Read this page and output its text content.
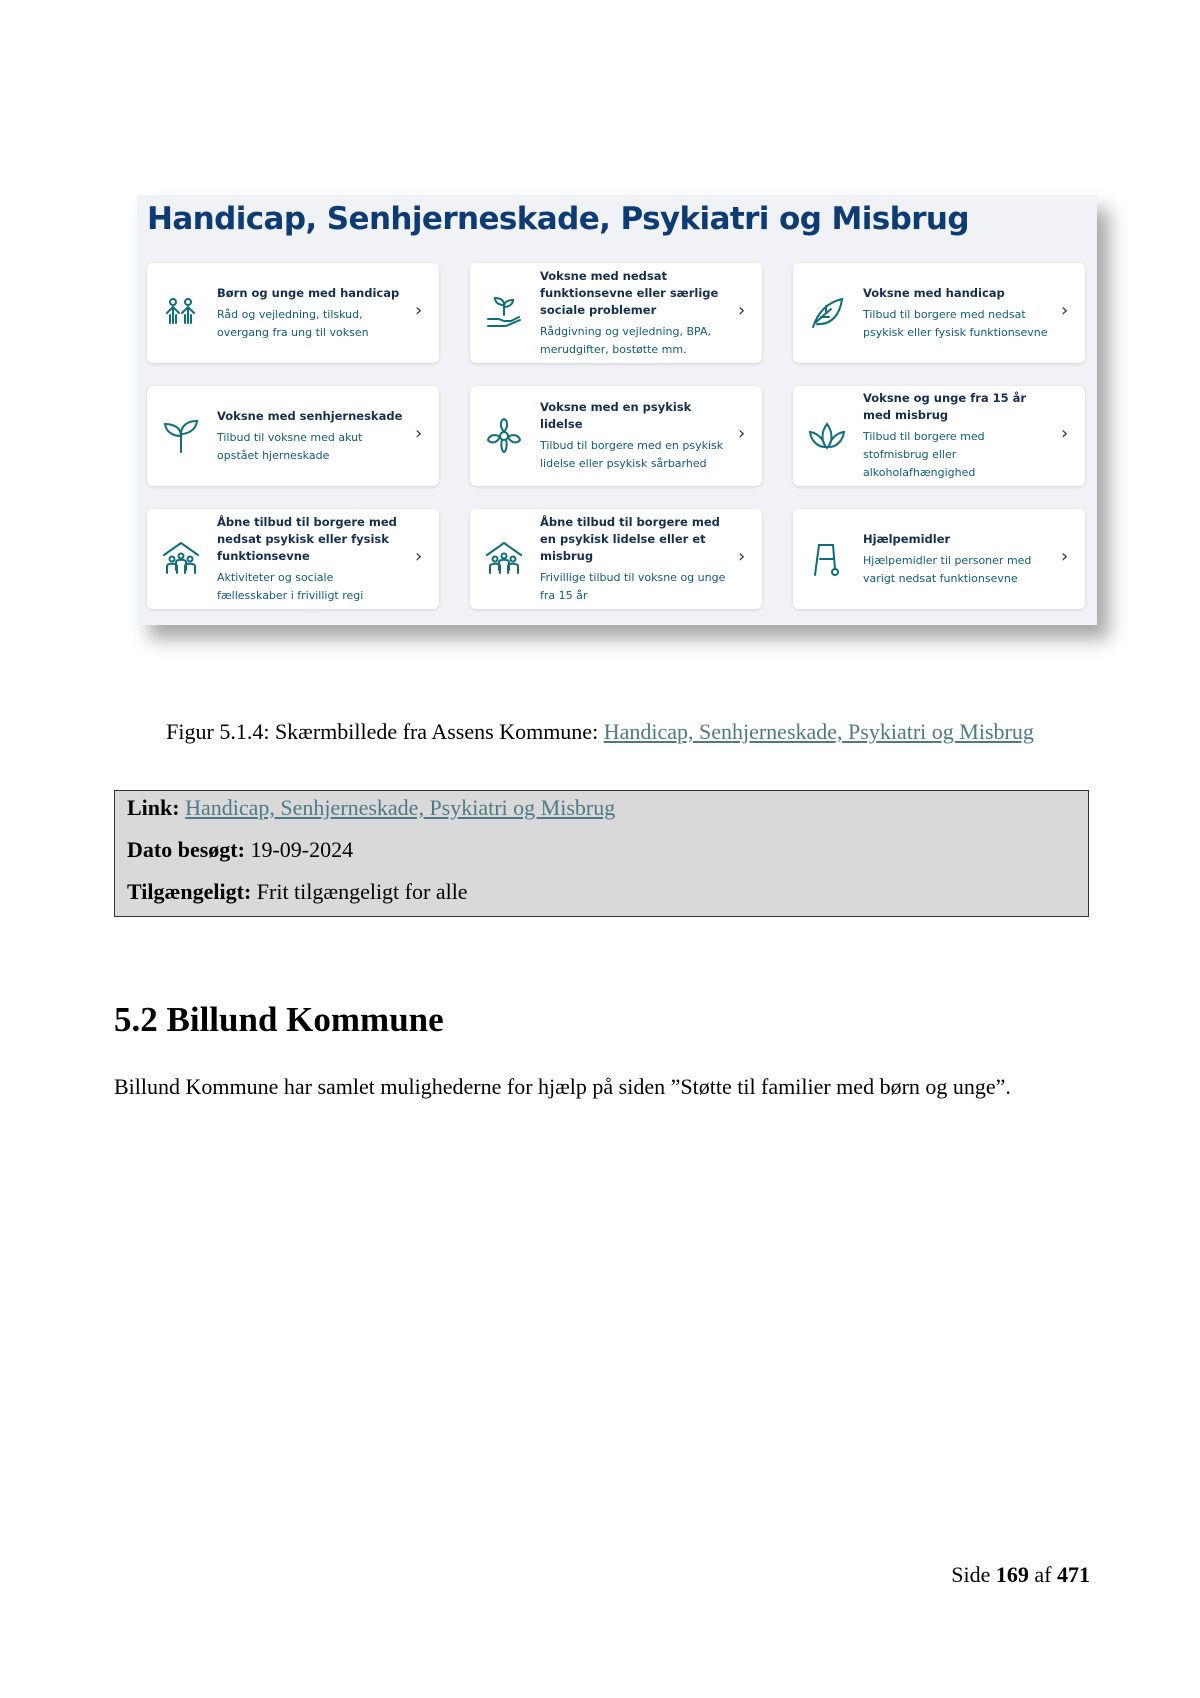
Handicap, Senhjerneskade, Psykiatri og Misbrug
Børn og unge med handicap
Råd og vejledning, tilskud, overgang fra ung til voksen
›
Voksne med nedsat funktionsevne eller særlige sociale problemer
Rådgivning og vejledning, BPA, merudgifter, bostøtte mm.
›
Voksne med handicap
Tilbud til borgere med nedsat psykisk eller fysisk funktionsevne
›
Voksne med senhjerneskade
Tilbud til voksne med akut opstået hjerneskade
›
Voksne med en psykisk lidelse
Tilbud til borgere med en psykisk lidelse eller psykisk sårbarhed
›
Voksne og unge fra 15 år med misbrug
Tilbud til borgere med stofmisbrug eller alkoholafhængighed
›
Åbne tilbud til borgere med nedsat psykisk eller fysisk funktionsevne
Aktiviteter og sociale fællesskaber i frivilligt regi
›
Åbne tilbud til borgere med en psykisk lidelse eller et misbrug
Frivillige tilbud til voksne og unge fra 15 år
›
Hjælpemidler
Hjælpemidler til personer med varigt nedsat funktionsevne
›
Figur 5.1.4: Skærmbillede fra Assens Kommune: Handicap, Senhjerneskade, Psykiatri og Misbrug
Link: Handicap, Senhjerneskade, Psykiatri og Misbrug
Dato besøgt: 19-09-2024
Tilgængeligt: Frit tilgængeligt for alle
5.2 Billund Kommune
Billund Kommune har samlet mulighederne for hjælp på siden ”Støtte til familier med børn og unge”.
Side 169 af 471
